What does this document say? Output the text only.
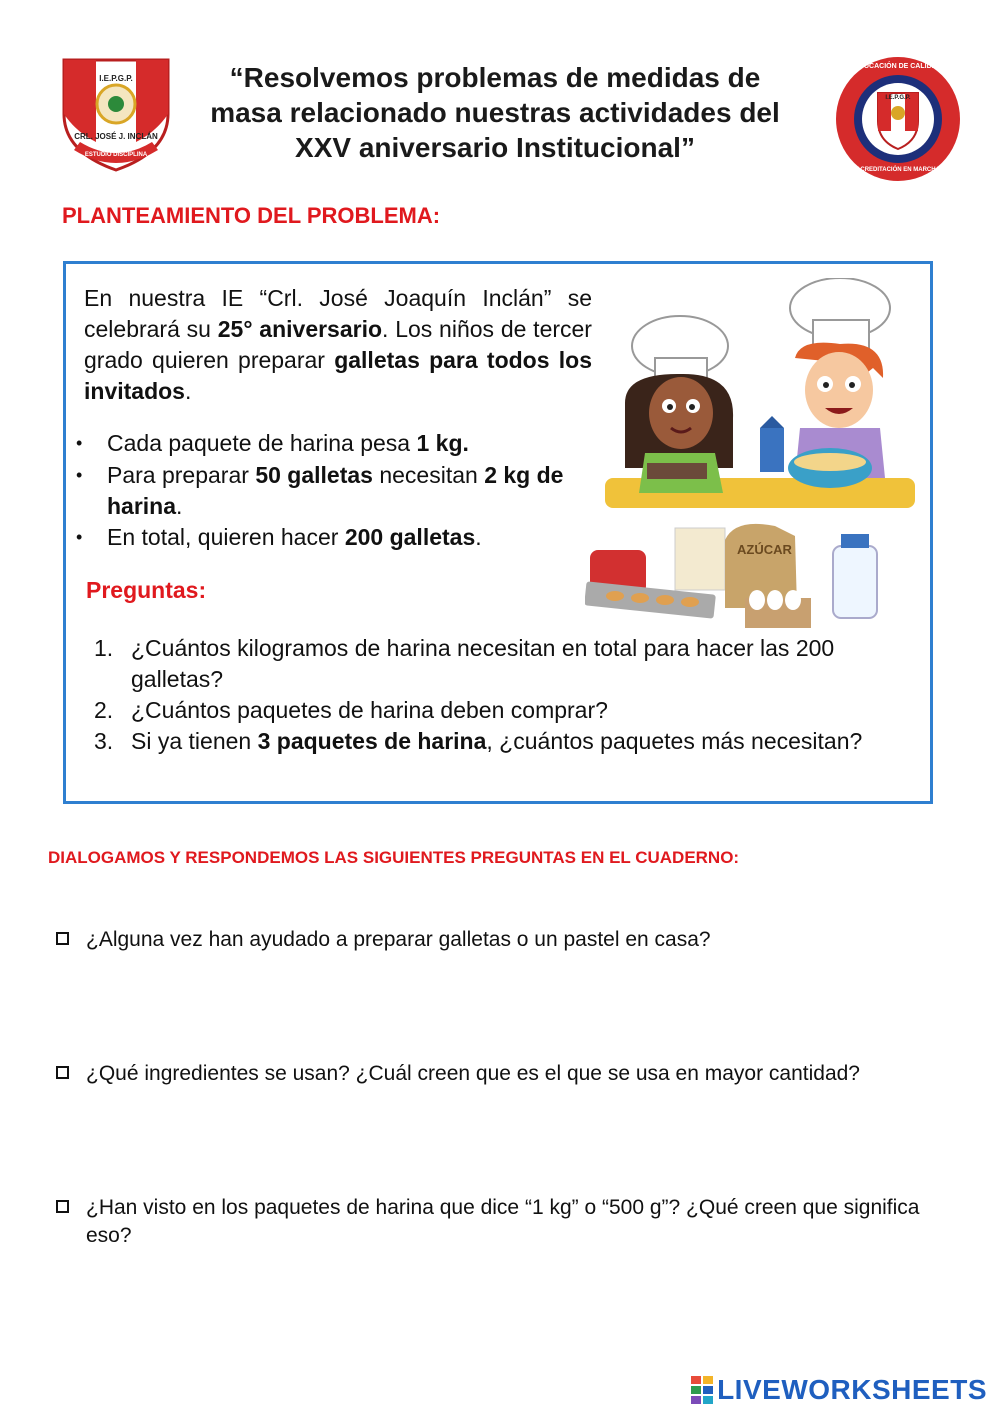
I.E.P.G.P.
CRL. JOSÉ J. INCLÁN
ESTUDIO DISCIPLINA
“Resolvemos problemas de medidas de
masa relacionado nuestras actividades del
XXV aniversario Institucional”
EDUCACIÓN DE CALIDAD
I.E.P.G.P.
“ACREDITACIÓN EN MARCHA”
PLANTEAMIENTO DEL PROBLEMA:
En nuestra IE “Crl. José Joaquín Inclán” se celebrará su 25° aniversario. Los niños de tercer grado quieren preparar galletas para todos los invitados.
• Cada paquete de harina pesa 1 kg.
• Para preparar 50 galletas necesitan 2 kg de harina.
• En total, quieren hacer 200 galletas.	AZÚCAR
Preguntas:
1. ¿Cuántos kilogramos de harina necesitan en total para hacer las 200 galletas?
2. ¿Cuántos paquetes de harina deben comprar?
3. Si ya tienen 3 paquetes de harina, ¿cuántos paquetes más necesitan?
DIALOGAMOS Y RESPONDEMOS LAS SIGUIENTES PREGUNTAS EN EL CUADERNO:
¿Alguna vez han ayudado a preparar galletas o un pastel en casa?
¿Qué ingredientes se usan? ¿Cuál creen que es el que se usa en mayor cantidad?
¿Han visto en los paquetes de harina que dice “1 kg” o “500 g”? ¿Qué creen que significa eso?
LIVEWORKSHEETS
